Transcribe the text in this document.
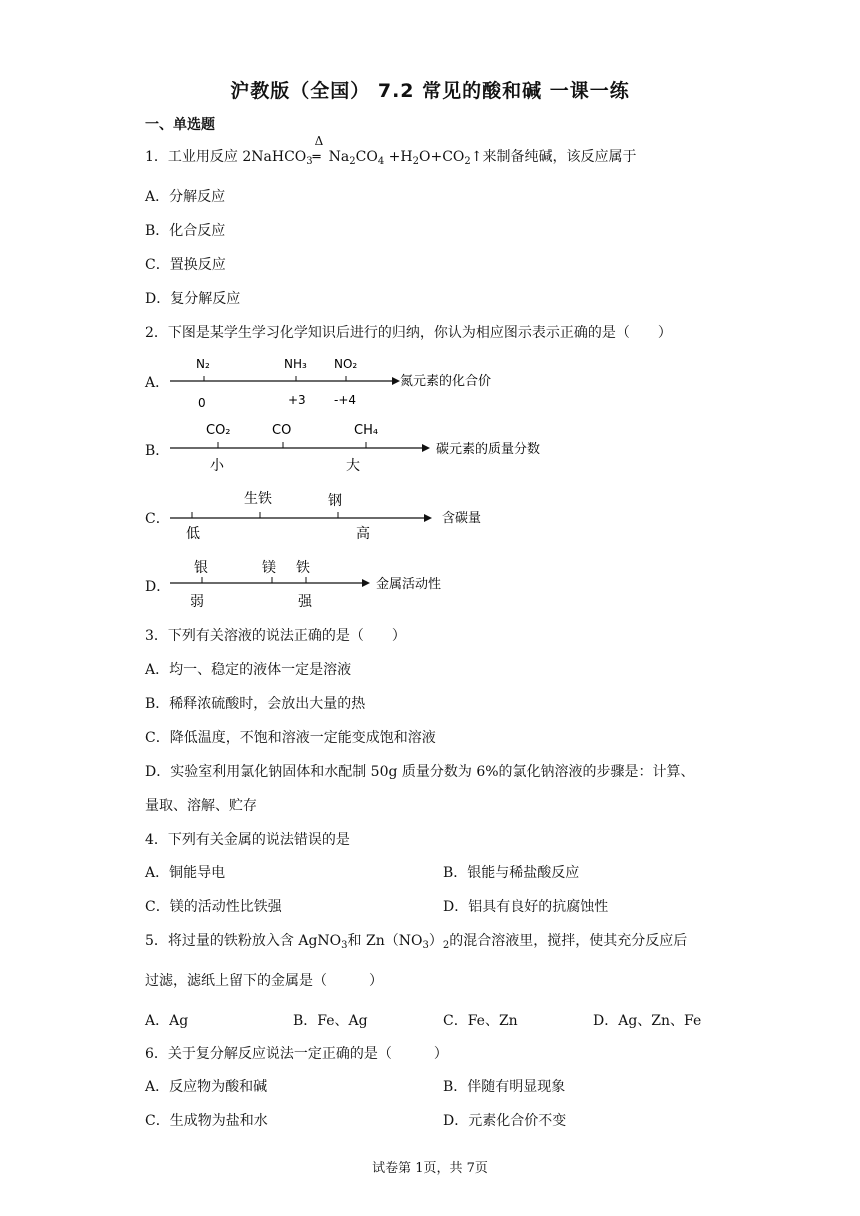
沪教版（全国） 7.2 常见的酸和碱 一课一练
一、单选题
1．工业用反应 2NaHCO$_3$
Δ
═ $Na_2CO_4$ $+H_2O+CO_2↑$来制备纯碱，该反应属于
A．分解反应
B．化合反应
C．置换反应
D．复分解反应
2．下图是某学生学习化学知识后进行的归纳，你认为相应图示表示正确的是（　　）
A．
N₂	NH₃ NO₂
0	+3 -+4
氮元素的化合价
B．
CO₂	CO	CH₄
小	大
碳元素的质量分数
C．
生铁	钢
低	高
含碳量
D．
银	镁 铁
弱	强
金属活动性
3．下列有关溶液的说法正确的是（　　）
A．均一、稳定的液体一定是溶液
B．稀释浓硫酸时，会放出大量的热
C．降低温度，不饱和溶液一定能变成饱和溶液
D．实验室利用氯化钠固体和水配制 50g 质量分数为 6%的氯化钠溶液的步骤是：计算、
量取、溶解、贮存
4．下列有关金属的说法错误的是
A．铜能导电	B．银能与稀盐酸反应
C．镁的活动性比铁强	D．铝具有良好的抗腐蚀性
5．将过量的铁粉放入含 AgNO$_3$和 $Zn(NO_3)_2$的混合溶液里，搅拌，使其充分反应后
过滤，滤纸上留下的金属是（　　　）
A．Ag	B．Fe、Ag	C．Fe、Zn	D．Ag、Zn、Fe
6．关于复分解反应说法一定正确的是（　　　）
A．反应物为酸和碱	B．伴随有明显现象
C．生成物为盐和水	D．元素化合价不变
试卷第 1页，共 7页
